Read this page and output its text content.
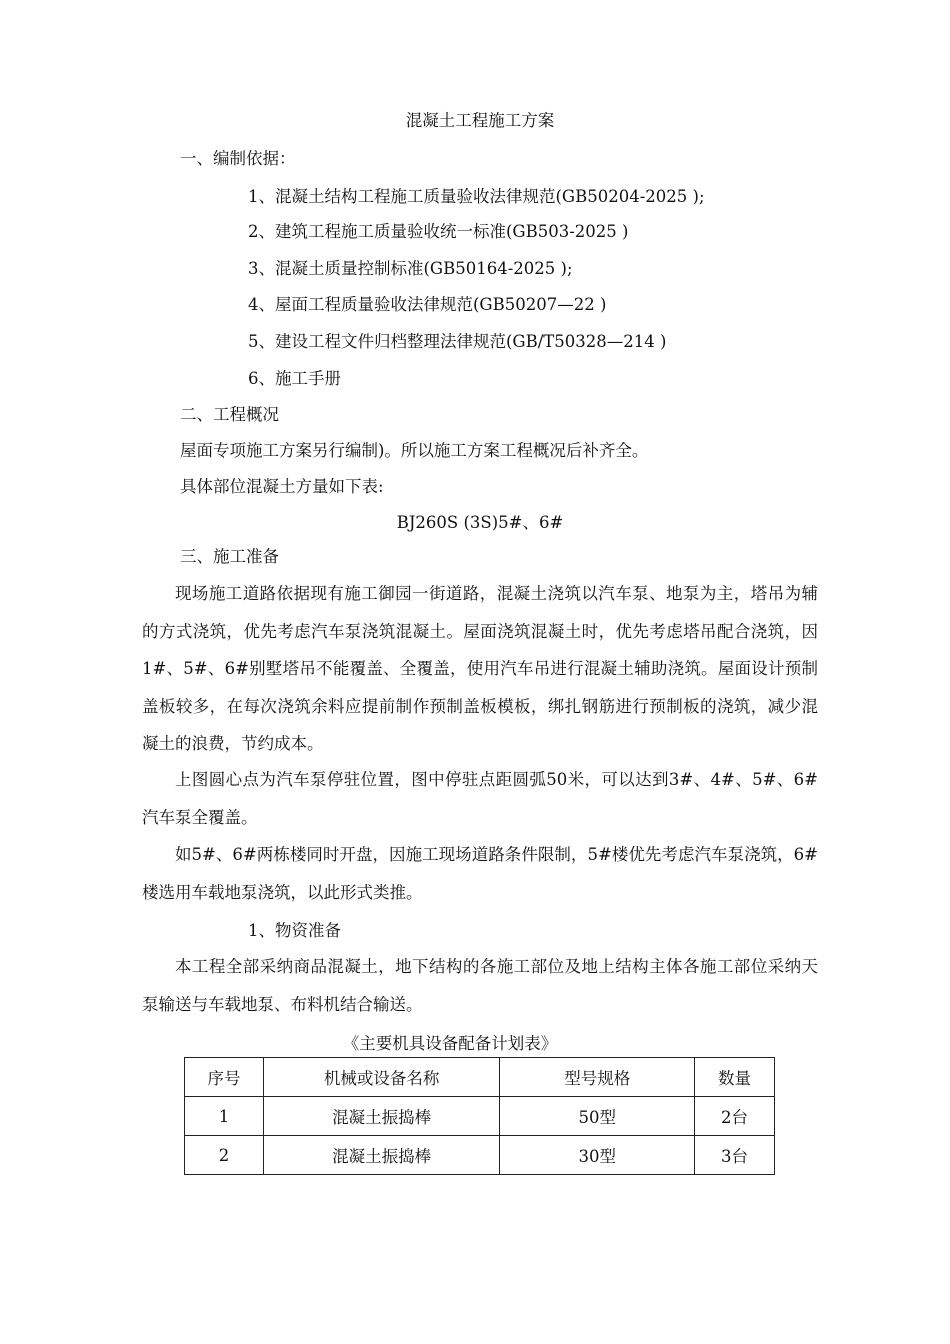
混凝土工程施工方案
一、编制依据：
1、混凝土结构工程施工质量验收法律规范(GB50204-2025 );
2、建筑工程施工质量验收统一标准(GB503-2025 )
3、混凝土质量控制标准(GB50164-2025 );
4、屋面工程质量验收法律规范(GB50207—22 )
5、建设工程文件归档整理法律规范(GB/T50328—214 )
6、施工手册
二、工程概况
屋面专项施工方案另行编制)。所以施工方案工程概况后补齐全。
具体部位混凝土方量如下表:
BJ260S (3S)5#、6#
三、施工准备
现场施工道路依据现有施工御园一街道路，混凝土浇筑以汽车泵、地泵为主，塔吊为辅的方式浇筑，优先考虑汽车泵浇筑混凝土。屋面浇筑混凝土时，优先考虑塔吊配合浇筑，因1#、5#、6#别墅塔吊不能覆盖、全覆盖，使用汽车吊进行混凝土辅助浇筑。屋面设计预制盖板较多，在每次浇筑余料应提前制作预制盖板模板，绑扎钢筋进行预制板的浇筑，减少混凝土的浪费，节约成本。
上图圆心点为汽车泵停驻位置，图中停驻点距圆弧50米，可以达到3#、4#、5#、6#汽车泵全覆盖。
如5#、6#两栋楼同时开盘，因施工现场道路条件限制，5#楼优先考虑汽车泵浇筑，6#楼选用车载地泵浇筑，以此形式类推。
1、物资准备
本工程全部采纳商品混凝土，地下结构的各施工部位及地上结构主体各施工部位采纳天泵输送与车载地泵、布料机结合输送。
《主要机具设备配备计划表》
序号	机械或设备名称	型号规格	数量
1	混凝土振捣棒	50型	2台
2	混凝土振捣棒	30型	3台
